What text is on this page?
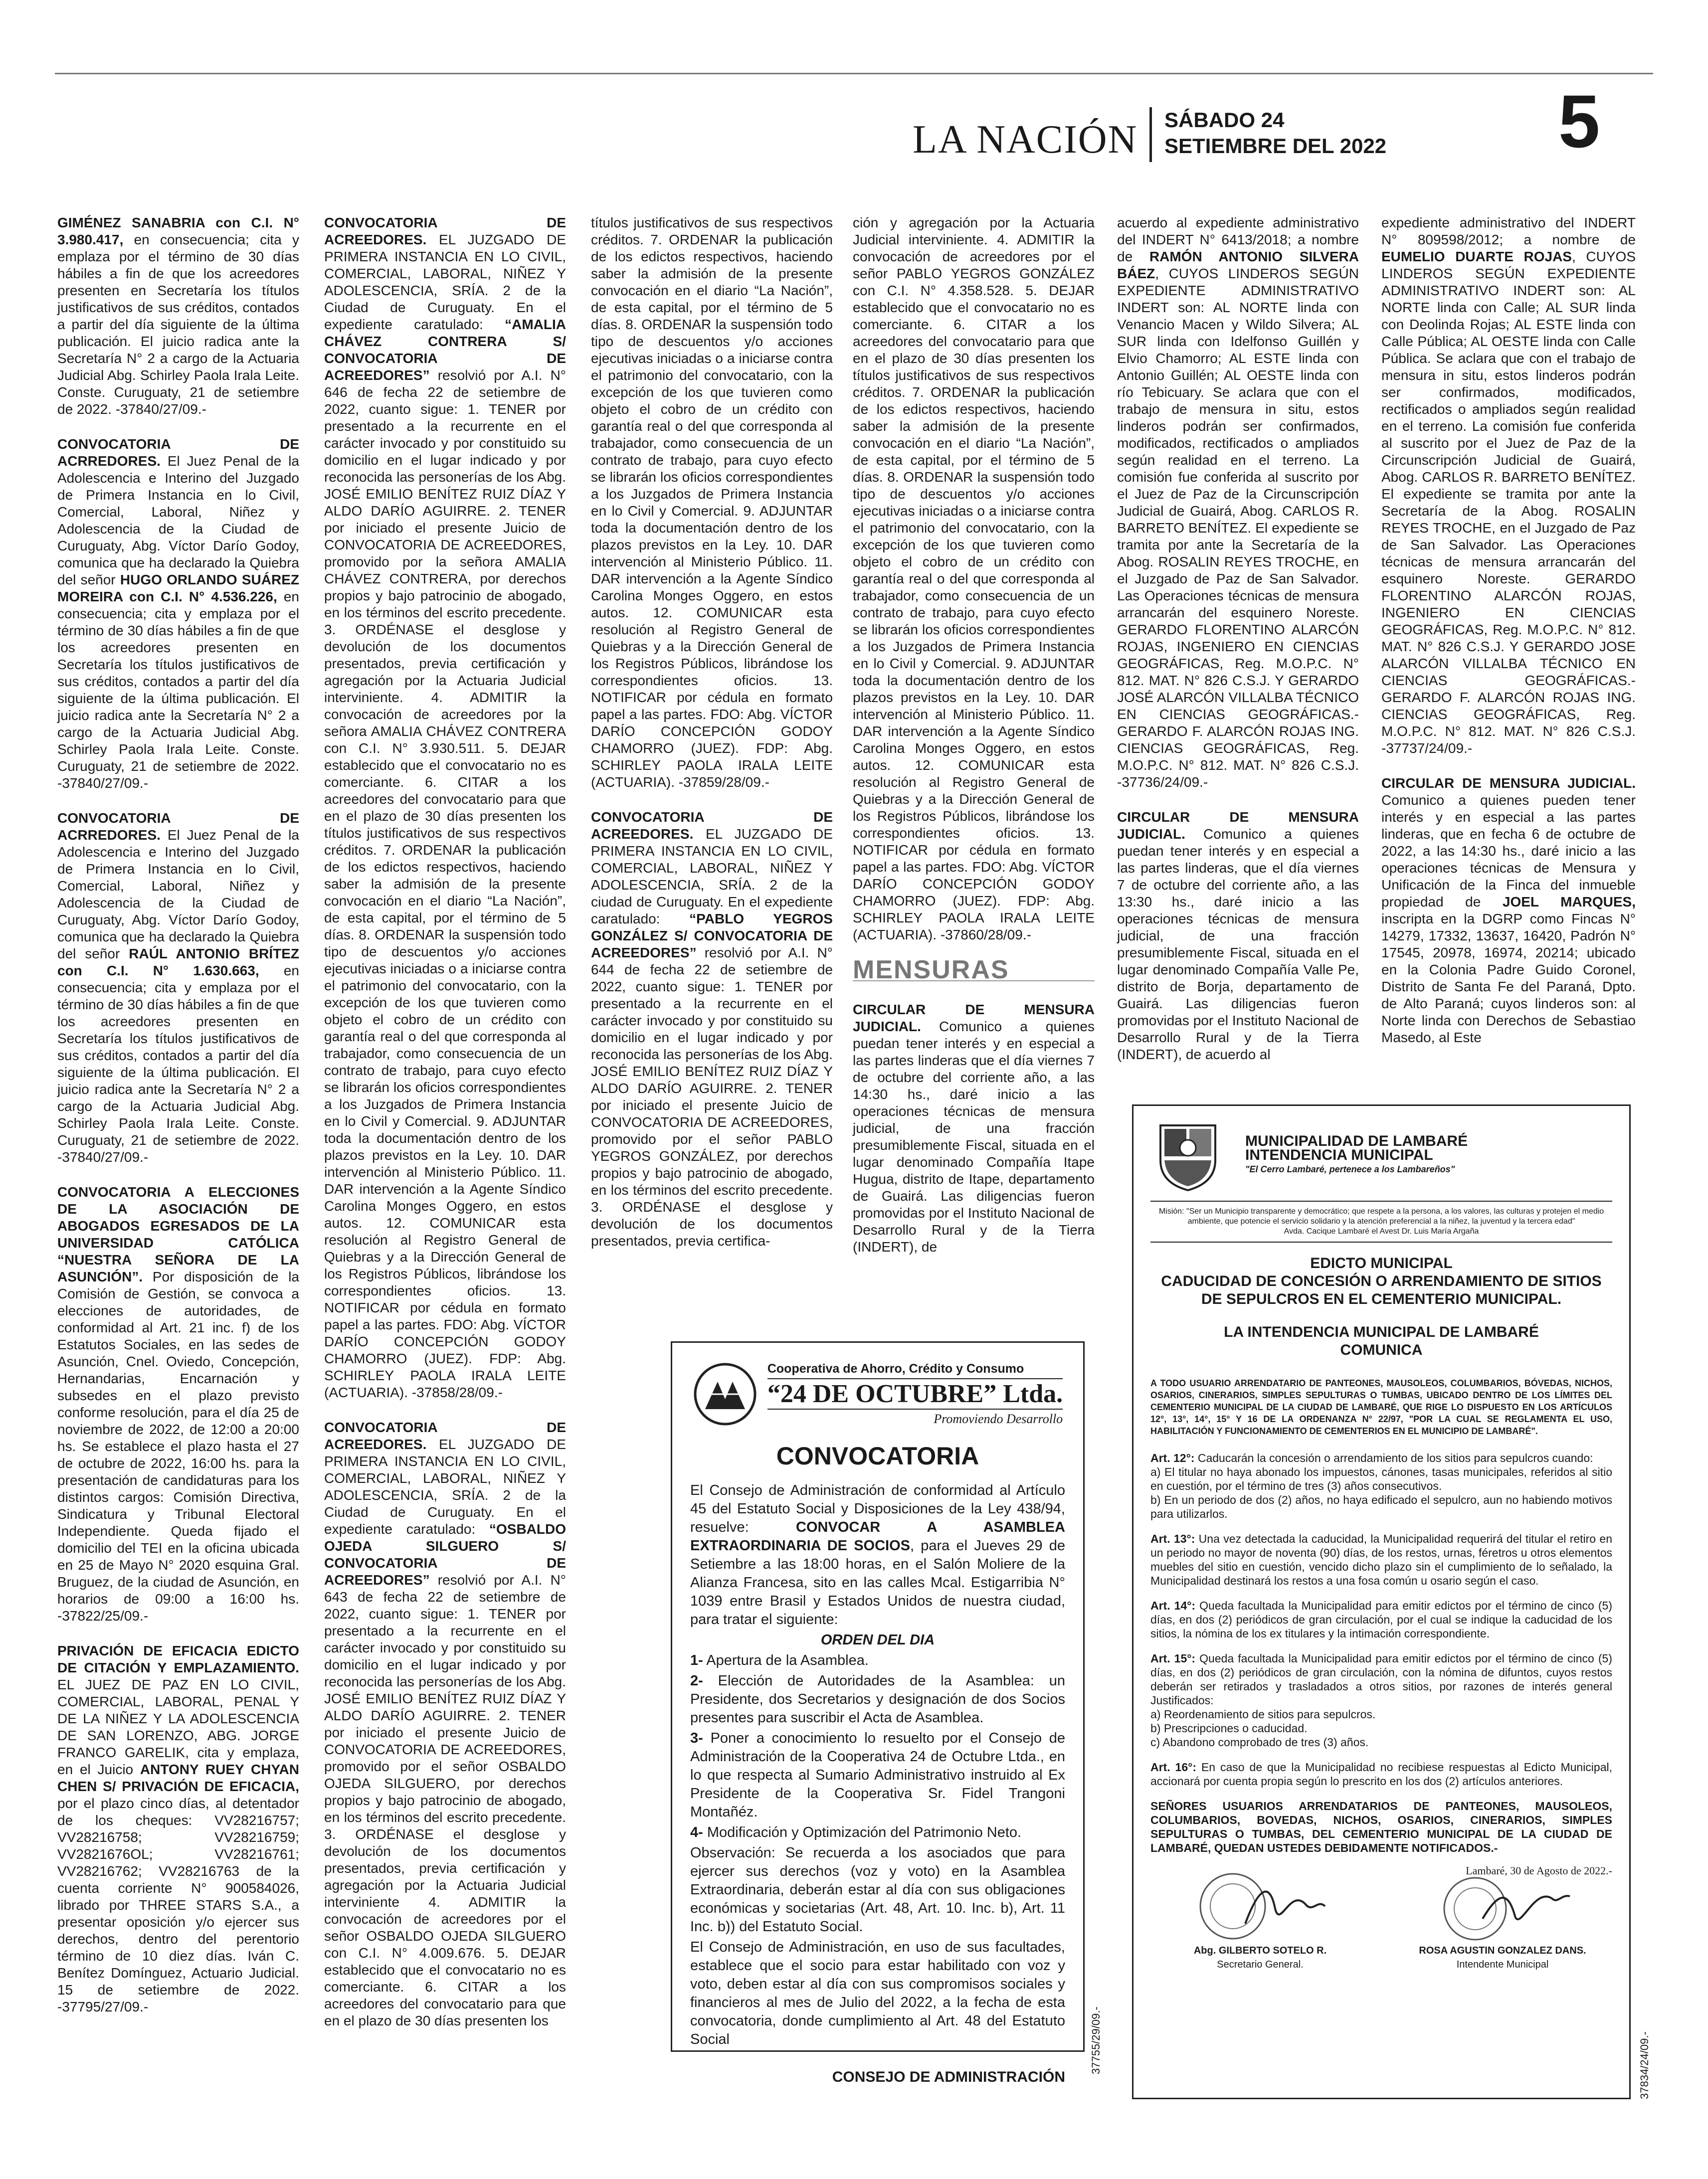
LA NACIÓN SÁBADO 24
SETIEMBRE DEL 2022 5

GIMÉNEZ SANABRIA con C.I. N° 3.980.417, en consecuencia; cita y emplaza por el término de 30 días hábiles a fin de que los acreedores presenten en Secretaría los títulos justificativos de sus créditos, contados a partir del día siguiente de la última publicación. El juicio radica ante la Secretaría N° 2 a cargo de la Actuaria Judicial Abg. Schirley Paola Irala Leite. Conste. Curuguaty, 21 de setiembre de 2022. -37840/27/09.-

CONVOCATORIA DE ACRREDORES. El Juez Penal de la Adolescencia e Interino del Juzgado de Primera Instancia en lo Civil, Comercial, Laboral, Niñez y Adolescencia de la Ciudad de Curuguaty, Abg. Víctor Darío Godoy, comunica que ha declarado la Quiebra del señor HUGO ORLANDO SUÁREZ MOREIRA con C.I. N° 4.536.226, en consecuencia; cita y emplaza por el término de 30 días hábiles a fin de que los acreedores presenten en Secretaría los títulos justificativos de sus créditos, contados a partir del día siguiente de la última publicación. El juicio radica ante la Secretaría N° 2 a cargo de la Actuaria Judicial Abg. Schirley Paola Irala Leite. Conste. Curuguaty, 21 de setiembre de 2022. -37840/27/09.-

CONVOCATORIA DE ACRREDORES. El Juez Penal de la Adolescencia e Interino del Juzgado de Primera Instancia en lo Civil, Comercial, Laboral, Niñez y Adolescencia de la Ciudad de Curuguaty, Abg. Víctor Darío Godoy, comunica que ha declarado la Quiebra del señor RAÚL ANTONIO BRÍTEZ con C.I. N° 1.630.663, en consecuencia; cita y emplaza por el término de 30 días hábiles a fin de que los acreedores presenten en Secretaría los títulos justificativos de sus créditos, contados a partir del día siguiente de la última publicación. El juicio radica ante la Secretaría N° 2 a cargo de la Actuaria Judicial Abg. Schirley Paola Irala Leite. Conste. Curuguaty, 21 de setiembre de 2022. -37840/27/09.-

CONVOCATORIA A ELECCIONES DE LA ASOCIACIÓN DE ABOGADOS EGRESADOS DE LA UNIVERSIDAD CATÓLICA “NUESTRA SEÑORA DE LA ASUNCIÓN”. Por disposición de la Comisión de Gestión, se convoca a elecciones de autoridades, de conformidad al Art. 21 inc. f) de los Estatutos Sociales, en las sedes de Asunción, Cnel. Oviedo, Concepción, Hernandarias, Encarnación y subsedes en el plazo previsto conforme resolución, para el día 25 de noviembre de 2022, de 12:00 a 20:00 hs. Se establece el plazo hasta el 27 de octubre de 2022, 16:00 hs. para la presentación de candidaturas para los distintos cargos: Comisión Directiva, Sindicatura y Tribunal Electoral Independiente. Queda fijado el domicilio del TEI en la oficina ubicada en 25 de Mayo N° 2020 esquina Gral. Bruguez, de la ciudad de Asunción, en horarios de 09:00 a 16:00 hs. -37822/25/09.-

PRIVACIÓN DE EFICACIA EDICTO DE CITACIÓN Y EMPLAZAMIENTO. EL JUEZ DE PAZ EN LO CIVIL, COMERCIAL, LABORAL, PENAL Y DE LA NIÑEZ Y LA ADOLESCENCIA DE SAN LORENZO, ABG. JORGE FRANCO GARELIK, cita y emplaza, en el Juicio ANTONY RUEY CHYAN CHEN S/ PRIVACIÓN DE EFICACIA, por el plazo cinco días, al detentador de los cheques: VV28216757; VV28216758; VV28216759; VV2821676OL; VV28216761; VV28216762; VV2821676​3 de la cuenta corriente N° 900584026, librado por THREE STARS S.A., a presentar oposición y/o ejercer sus derechos, dentro del perentorio término de 10 diez días. Iván C. Benítez Domínguez, Actuario Judicial. 15 de setiembre de 2022. -37795/27/09.-

CONVOCATORIA DE ACREEDORES. EL JUZGADO DE PRIMERA INSTANCIA EN LO CIVIL, COMERCIAL, LABORAL, NIÑEZ Y ADOLESCENCIA, SRÍA. 2 de la Ciudad de Curuguaty. En el expediente caratulado: “AMALIA CHÁVEZ CONTRERA S/ CONVOCATORIA DE ACREEDORES” resolvió por A.I. N° 646 de fecha 22 de setiembre de 2022, cuanto sigue: 1. TENER por presentado a la recurrente en el carácter invocado y por constituido su domicilio en el lugar indicado y por reconocida las personerías de los Abg. JOSÉ EMILIO BENÍTEZ RUIZ DÍAZ Y ALDO DARÍO AGUIRRE. 2. TENER por iniciado el presente Juicio de CONVOCATORIA DE ACREEDORES, promovido por la señora AMALIA CHÁVEZ CONTRERA, por derechos propios y bajo patrocinio de abogado, en los términos del escrito precedente. 3. ORDÉNASE el desglose y devolución de los documentos presentados, previa certificación y agregación por la Actuaria Judicial interviniente. 4. ADMITIR la convocación de acreedores por la señora AMALIA CHÁVEZ CONTRERA con C.I. N° 3.930.511. 5. DEJAR establecido que el convocatario no es comerciante. 6. CITAR a los acreedores del convocatario para que en el plazo de 30 días presenten los títulos justificativos de sus respectivos créditos. 7. ORDENAR la publicación de los edictos respectivos, haciendo saber la admisión de la presente convocación en el diario “La Nación”, de esta capital, por el término de 5 días. 8. ORDENAR la suspensión todo tipo de descuentos y/o acciones ejecutivas iniciadas o a iniciarse contra el patrimonio del convocatario, con la excepción de los que tuvieren como objeto el cobro de un crédito con garantía real o del que corresponda al trabajador, como consecuencia de un contrato de trabajo, para cuyo efecto se librarán los oficios correspondientes a los Juzgados de Primera Instancia en lo Civil y Comercial. 9. ADJUNTAR toda la documentación dentro de los plazos previstos en la Ley. 10. DAR intervención al Ministerio Público. 11. DAR intervención a la Agente Síndico Carolina Monges Oggero, en estos autos. 12. COMUNICAR esta resolución al Registro General de Quiebras y a la Dirección General de los Registros Públicos, librándose los correspondientes oficios. 13. NOTIFICAR por cédula en formato papel a las partes. FDO: Abg. VÍCTOR DARÍO CONCEPCIÓN GODOY CHAMORRO (JUEZ). FDP: Abg. SCHIRLEY PAOLA IRALA LEITE (ACTUARIA). -37858/28/09.-

CONVOCATORIA DE ACREEDORES. EL JUZGADO DE PRIMERA INSTANCIA EN LO CIVIL, COMERCIAL, LABORAL, NIÑEZ Y ADOLESCENCIA, SRÍA. 2 de la Ciudad de Curuguaty. En el expediente caratulado: “OSBALDO OJEDA SILGUERO S/ CONVOCATORIA DE ACREEDORES” resolvió por A.I. N° 643 de fecha 22 de setiembre de 2022, cuanto sigue: 1. TENER por presentado a la recurrente en el carácter invocado y por constituido su domicilio en el lugar indicado y por reconocida las personerías de los Abg. JOSÉ EMILIO BENÍTEZ RUIZ DÍAZ Y ALDO DARÍO AGUIRRE. 2. TENER por iniciado el presente Juicio de CONVOCATORIA DE ACREEDORES, promovido por el señor OSBALDO OJEDA SILGUERO, por derechos propios y bajo patrocinio de abogado, en los términos del escrito precedente. 3. ORDÉNASE el desglose y devolución de los documentos presentados, previa certificación y agregación por la Actuaria Judicial interviniente 4. ADMITIR la convocación de acreedores por el señor OSBALDO OJEDA SILGUERO con C.I. N° 4.009.676. 5. DEJAR establecido que el convocatario no es comerciante. 6. CITAR a los acreedores del convocatario para que en el plazo de 30 días presenten los

títulos justificativos de sus respectivos créditos. 7. ORDENAR la publicación de los edictos respectivos, haciendo saber la admisión de la presente convocación en el diario “La Nación”, de esta capital, por el término de 5 días. 8. ORDENAR la suspensión todo tipo de descuentos y/o acciones ejecutivas iniciadas o a iniciarse contra el patrimonio del convocatario, con la excepción de los que tuvieren como objeto el cobro de un crédito con garantía real o del que corresponda al trabajador, como consecuencia de un contrato de trabajo, para cuyo efecto se librarán los oficios correspondientes a los Juzgados de Primera Instancia en lo Civil y Comercial. 9. ADJUNTAR toda la documentación dentro de los plazos previstos en la Ley. 10. DAR intervención al Ministerio Público. 11. DAR intervención a la Agente Síndico Carolina Monges Oggero, en estos autos. 12. COMUNICAR esta resolución al Registro General de Quiebras y a la Dirección General de los Registros Públicos, librándose los correspondientes oficios. 13. NOTIFICAR por cédula en formato papel a las partes. FDO: Abg. VÍCTOR DARÍO CONCEPCIÓN GODOY CHAMORRO (JUEZ). FDP: Abg. SCHIRLEY PAOLA IRALA LEITE (ACTUARIA). -37859/28/09.-

CONVOCATORIA DE ACREEDORES. EL JUZGADO DE PRIMERA INSTANCIA EN LO CIVIL, COMERCIAL, LABORAL, NIÑEZ Y ADOLESCENCIA, SRÍA. 2 de la ciudad de Curuguaty. En el expediente caratulado: “PABLO YEGROS GONZÁLEZ S/ CONVOCATORIA DE ACREEDORES” resolvió por A.I. N° 644 de fecha 22 de setiembre de 2022, cuanto sigue: 1. TENER por presentado a la recurrente en el carácter invocado y por constituido su domicilio en el lugar indicado y por reconocida las personerías de los Abg. JOSÉ EMILIO BENÍTEZ RUIZ DÍAZ Y ALDO DARÍO AGUIRRE. 2. TENER por iniciado el presente Juicio de CONVOCATORIA DE ACREEDORES, promovido por el señor PABLO YEGROS GONZÁLEZ, por derechos propios y bajo patrocinio de abogado, en los términos del escrito precedente. 3. ORDÉNASE el desglose y devolución de los documentos presentados, previa certifica-

ción y agregación por la Actuaria Judicial interviniente. 4. ADMITIR la convocación de acreedores por el señor PABLO YEGROS GONZÁLEZ con C.I. N° 4.358.528. 5. DEJAR establecido que el convocatario no es comerciante. 6. CITAR a los acreedores del convocatario para que en el plazo de 30 días presenten los títulos justificativos de sus respectivos créditos. 7. ORDENAR la publicación de los edictos respectivos, haciendo saber la admisión de la presente convocación en el diario “La Nación”, de esta capital, por el término de 5 días. 8. ORDENAR la suspensión todo tipo de descuentos y/o acciones ejecutivas iniciadas o a iniciarse contra el patrimonio del convocatario, con la excepción de los que tuvieren como objeto el cobro de un crédito con garantía real o del que corresponda al trabajador, como consecuencia de un contrato de trabajo, para cuyo efecto se librarán los oficios correspondientes a los Juzgados de Primera Instancia en lo Civil y Comercial. 9. ADJUNTAR toda la documentación dentro de los plazos previstos en la Ley. 10. DAR intervención al Ministerio Público. 11. DAR intervención a la Agente Síndico Carolina Monges Oggero, en estos autos. 12. COMUNICAR esta resolución al Registro General de Quiebras y a la Dirección General de los Registros Públicos, librándose los correspondientes oficios. 13. NOTIFICAR por cédula en formato papel a las partes. FDO: Abg. VÍCTOR DARÍO CONCEPCIÓN GODOY CHAMORRO (JUEZ). FDP: Abg. SCHIRLEY PAOLA IRALA LEITE (ACTUARIA). -37860/28/09.-

MENSURAS

CIRCULAR DE MENSURA JUDICIAL. Comunico a quienes puedan tener interés y en especial a las partes linderas que el día viernes 7 de octubre del corriente año, a las 14:30 hs., daré inicio a las operaciones técnicas de mensura judicial, de una fracción presumiblemente Fiscal, situada en el lugar denominado Compañía Itape Hugua, distrito de Itape, departamento de Guairá. Las diligencias fueron promovidas por el Instituto Nacional de Desarrollo Rural y de la Tierra (INDERT), de

acuerdo al expediente administrativo del INDERT N° 6413/2018; a nombre de RAMÓN ANTONIO SILVERA BÁEZ, CUYOS LINDEROS SEGÚN EXPEDIENTE ADMINISTRATIVO INDERT son: AL NORTE linda con Venancio Macen y Wildo Silvera; AL SUR linda con Idelfonso Guillén y Elvio Chamorro; AL ESTE linda con Antonio Guillén; AL OESTE linda con río Tebicuary. Se aclara que con el trabajo de mensura in situ, estos linderos podrán ser confirmados, modificados, rectificados o ampliados según realidad en el terreno. La comisión fue conferida al suscrito por el Juez de Paz de la Circunscripción Judicial de Guairá, Abog. CARLOS R. BARRETO BENÍTEZ. El expediente se tramita por ante la Secretaría de la Abog. ROSALIN REYES TROCHE, en el Juzgado de Paz de San Salvador. Las Operaciones técnicas de mensura arrancarán del esquinero Noreste. GERARDO FLORENTINO ALARCÓN ROJAS, INGENIERO EN CIENCIAS GEOGRÁFICAS, Reg. M.O.P.C. N° 812. MAT. N° 826 C.S.J. Y GERARDO JOSÉ ALARCÓN VILLALBA TÉCNICO EN CIENCIAS GEOGRÁFICAS.- GERARDO F. ALARCÓN ROJAS ING. CIENCIAS GEOGRÁFICAS, Reg. M.O.P.C. N° 812. MAT. N° 826 C.S.J. -37736/24/09.-

CIRCULAR DE MENSURA JUDICIAL. Comunico a quienes puedan tener interés y en especial a las partes linderas, que el día viernes 7 de octubre del corriente año, a las 13:30 hs., daré inicio a las operaciones técnicas de mensura judicial, de una fracción presumiblemente Fiscal, situada en el lugar denominado Compañía Valle Pe, distrito de Borja, departamento de Guairá. Las diligencias fueron promovidas por el Instituto Nacional de Desarrollo Rural y de la Tierra (INDERT), de acuerdo al

expediente administrativo del INDERT N° 809598/2012; a nombre de EUMELIO DUARTE ROJAS, CUYOS LINDEROS SEGÚN EXPEDIENTE ADMINISTRATIVO INDERT son: AL NORTE linda con Calle; AL SUR linda con Deolinda Rojas; AL ESTE linda con Calle Pública; AL OESTE linda con Calle Pública. Se aclara que con el trabajo de mensura in situ, estos linderos podrán ser confirmados, modificados, rectificados o ampliados según realidad en el terreno. La comisión fue conferida al suscrito por el Juez de Paz de la Circunscripción Judicial de Guairá, Abog. CARLOS R. BARRETO BENÍTEZ. El expediente se tramita por ante la Secretaría de la Abog. ROSALIN REYES TROCHE, en el Juzgado de Paz de San Salvador. Las Operaciones técnicas de mensura arrancarán del esquinero Noreste. GERARDO FLORENTINO ALARCÓN ROJAS, INGENIERO EN CIENCIAS GEOGRÁFICAS, Reg. M.O.P.C. N° 812. MAT. N° 826 C.S.J. Y GERARDO JOSE ALARCÓN VILLALBA TÉCNICO EN CIENCIAS GEOGRÁFICAS.- GERARDO F. ALARCÓN ROJAS ING. CIENCIAS GEOGRÁFICAS, Reg. M.O.P.C. N° 812. MAT. N° 826 C.S.J. -37737/24/09.-

CIRCULAR DE MENSURA JUDICIAL. Comunico a quienes pueden tener interés y en especial a las partes linderas, que en fecha 6 de octubre de 2022, a las 14:30 hs., daré inicio a las operaciones técnicas de Mensura y Unificación de la Finca del inmueble propiedad de JOEL MARQUES, inscripta en la DGRP como Fincas N° 14279, 17332, 13637, 16420, Padrón N° 17545, 20978, 16974, 20214; ubicado en la Colonia Padre Guido Coronel, Distrito de Santa Fe del Paraná, Dpto. de Alto Paraná; cuyos linderos son: al Norte linda con Derechos de Sebastiao Masedo, al Este

Cooperativa de Ahorro, Crédito y Consumo
“24 DE OCTUBRE” Ltda.
Promoviendo Desarrollo
CONVOCATORIA

El Consejo de Administración de conformidad al Artículo 45 del Estatuto Social y Disposiciones de la Ley 438/94, resuelve: CONVOCAR A ASAMBLEA EXTRAORDINARIA DE SOCIOS, para el Jueves 29 de Setiembre a las 18:00 horas, en el Salón Moliere de la Alianza Francesa, sito en las calles Mcal. Estigarribia N° 1039 entre Brasil y Estados Unidos de nuestra ciudad, para tratar el siguiente:

ORDEN DEL DIA

1- Apertura de la Asamblea.

2- Elección de Autoridades de la Asamblea: un Presidente, dos Secretarios y designación de dos Socios presentes para suscribir el Acta de Asamblea.

3- Poner a conocimiento lo resuelto por el Consejo de Administración de la Cooperativa 24 de Octubre Ltda., en lo que respecta al Sumario Administrativo instruido al Ex Presidente de la Cooperativa Sr. Fidel Trangoni Montañéz.

4- Modificación y Optimización del Patrimonio Neto.

Observación: Se recuerda a los asociados que para ejercer sus derechos (voz y voto) en la Asamblea Extraordinaria, deberán estar al día con sus obligaciones económicas y societarias (Art. 48, Art. 10. Inc. b), Art. 11 Inc. b)) del Estatuto Social.

El Consejo de Administración, en uso de sus facultades, establece que el socio para estar habilitado con voz y voto, deben estar al día con sus compromisos sociales y financieros al mes de Julio del 2022, a la fecha de esta convocatoria, donde cumplimiento al Art. 48 del Estatuto Social

CONSEJO DE ADMINISTRACIÓN
37755/29/09.-
MUNICIPALIDAD DE LAMBARÉ
INTENDENCIA MUNICIPAL
"El Cerro Lambaré, pertenece a los Lambareños"
Misión: "Ser un Municipio transparente y democrático; que respete a la persona, a los valores, las culturas y protejen el medio ambiente, que potencie el servicio solidario y la atención preferencial a la niñez, la juventud y la tercera edad"
Avda. Cacique Lambaré el Avest Dr. Luis María Argaña
EDICTO MUNICIPAL
CADUCIDAD DE CONCESIÓN O ARRENDAMIENTO DE SITIOS DE SEPULCROS EN EL CEMENTERIO MUNICIPAL.
LA INTENDENCIA MUNICIPAL DE LAMBARÉ
COMUNICA
A TODO USUARIO ARRENDATARIO DE PANTEONES, MAUSOLEOS, COLUMBARIOS, BÓVEDAS, NICHOS, OSARIOS, CINERARIOS, SIMPLES SEPULTURAS O TUMBAS, UBICADO DENTRO DE LOS LÍMITES DEL CEMENTERIO MUNICIPAL DE LA CIUDAD DE LAMBARÉ, QUE RIGE LO DISPUESTO EN LOS ARTÍCULOS 12°, 13°, 14°, 15° Y 16 DE LA ORDENANZA N° 22/97, "POR LA CUAL SE REGLAMENTA EL USO, HABILITACIÓN Y FUNCIONAMIENTO DE CEMENTERIOS EN EL MUNICIPIO DE LAMBARÉ".
Art. 12°: Caducarán la concesión o arrendamiento de los sitios para sepulcros cuando:
a) El titular no haya abonado los impuestos, cánones, tasas municipales, referidos al sitio en cuestión, por el término de tres (3) años consecutivos.
b) En un periodo de dos (2) años, no haya edificado el sepulcro, aun no habiendo motivos para utilizarlos.
Art. 13°: Una vez detectada la caducidad, la Municipalidad requerirá del titular el retiro en un periodo no mayor de noventa (90) días, de los restos, urnas, féretros u otros elementos muebles del sitio en cuestión, vencido dicho plazo sin el cumplimiento de lo señalado, la Municipalidad destinará los restos a una fosa común u osario según el caso.
Art. 14°: Queda facultada la Municipalidad para emitir edictos por el término de cinco (5) días, en dos (2) periódicos de gran circulación, por el cual se indique la caducidad de los sitios, la nómina de los ex titulares y la intimación correspondiente.
Art. 15°: Queda facultada la Municipalidad para emitir edictos por el término de cinco (5) días, en dos (2) periódicos de gran circulación, con la nómina de difuntos, cuyos restos deberán ser retirados y trasladados a otros sitios, por razones de interés general Justificados:
a) Reordenamiento de sitios para sepulcros.
b) Prescripciones o caducidad.
c) Abandono comprobado de tres (3) años.
Art. 16°: En caso de que la Municipalidad no recibiese respuestas al Edicto Municipal, accionará por cuenta propia según lo prescrito en los dos (2) artículos anteriores.
SEÑORES USUARIOS ARRENDATARIOS DE PANTEONES, MAUSOLEOS, COLUMBARIOS, BOVEDAS, NICHOS, OSARIOS, CINERARIOS, SIMPLES SEPULTURAS O TUMBAS, DEL CEMENTERIO MUNICIPAL DE LA CIUDAD DE LAMBARÉ, QUEDAN USTEDES DEBIDAMENTE NOTIFICADOS.-
Abg. GILBERTO SOTELO R.
Secretario General.
Lambaré, 30 de Agosto de 2022.-
ROSA AGUSTIN GONZALEZ DANS.
Intendente Municipal
37834/24/09.-
